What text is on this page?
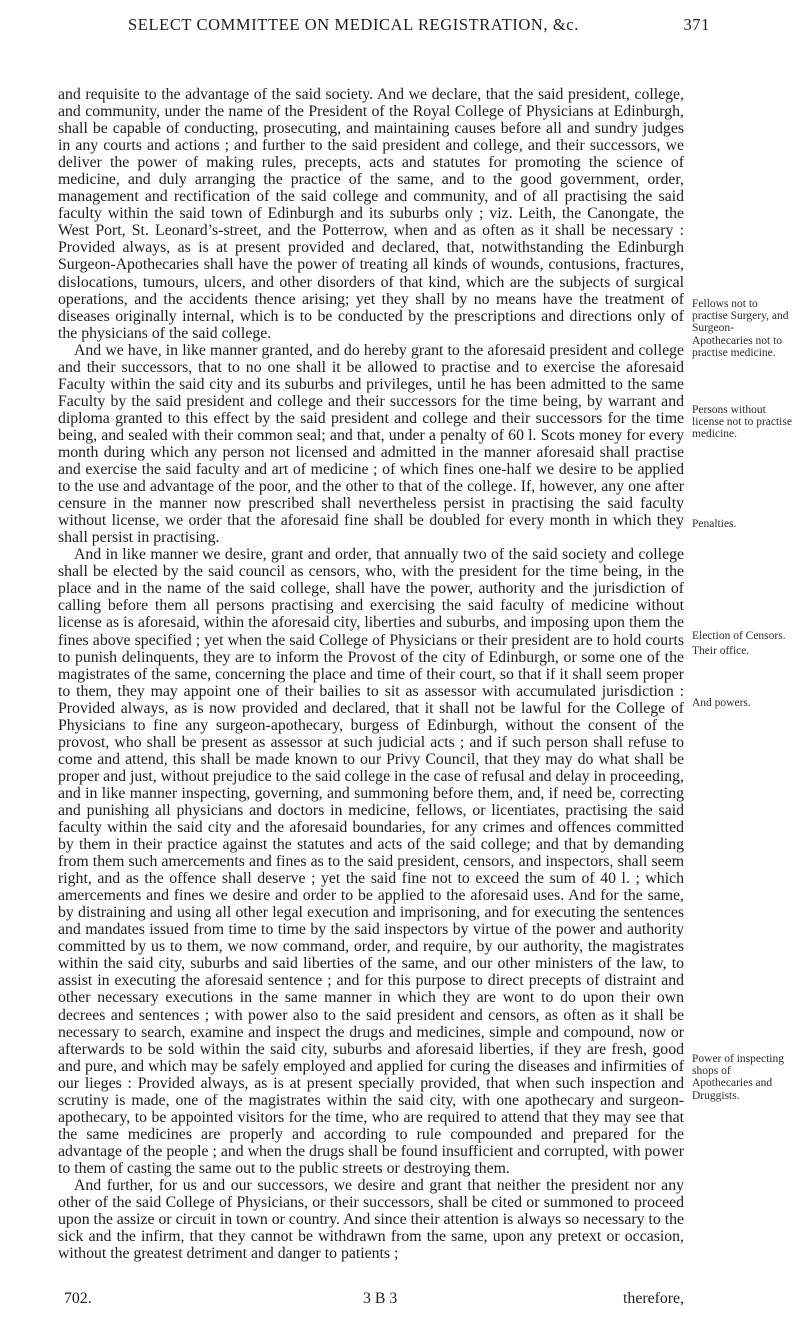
SELECT COMMITTEE ON MEDICAL REGISTRATION, &c.	371

and requisite to the advantage of the said society. And we declare, that the said president, college, and community, under the name of the President of the Royal College of Physicians at Edinburgh, shall be capable of conducting, prosecuting, and maintaining causes before all and sundry judges in any courts and actions ; and further to the said president and college, and their successors, we deliver the power of making rules, precepts, acts and statutes for promoting the science of medicine, and duly arranging the practice of the same, and to the good government, order, management and rectification of the said college and community, and of all practising the said faculty within the said town of Edinburgh and its suburbs only ; viz. Leith, the Canongate, the West Port, St. Leonard’s-street, and the Potterrow, when and as often as it shall be necessary : Provided always, as is at present provided and declared, that, notwithstanding the Edinburgh Surgeon-Apothecaries shall have the power of treating all kinds of wounds, contusions, fractures, dislocations, tumours, ulcers, and other disorders of that kind, which are the subjects of surgical operations, and the accidents thence arising; yet they shall by no means have the treatment of diseases originally internal, which is to be conducted by the prescriptions and directions only of the physicians of the said college.

And we have, in like manner granted, and do hereby grant to the aforesaid president and college and their successors, that to no one shall it be allowed to practise and to exercise the aforesaid Faculty within the said city and its suburbs and privileges, until he has been admitted to the same Faculty by the said president and college and their successors for the time being, by warrant and diploma granted to this effect by the said president and college and their successors for the time being, and sealed with their common seal; and that, under a penalty of 60 l. Scots money for every month during which any person not licensed and admitted in the manner aforesaid shall practise and exercise the said faculty and art of medicine ; of which fines one-half we desire to be applied to the use and advantage of the poor, and the other to that of the college. If, however, any one after censure in the manner now prescribed shall nevertheless persist in practising the said faculty without license, we order that the aforesaid fine shall be doubled for every month in which they shall persist in practising.

And in like manner we desire, grant and order, that annually two of the said society and college shall be elected by the said council as censors, who, with the president for the time being, in the place and in the name of the said college, shall have the power, authority and the jurisdiction of calling before them all persons practising and exercising the said faculty of medicine without license as is aforesaid, within the aforesaid city, liberties and suburbs, and imposing upon them the fines above specified ; yet when the said College of Physicians or their president are to hold courts to punish delinquents, they are to inform the Provost of the city of Edinburgh, or some one of the magistrates of the same, concerning the place and time of their court, so that if it shall seem proper to them, they may appoint one of their bailies to sit as assessor with accumulated jurisdiction : Provided always, as is now provided and declared, that it shall not be lawful for the College of Physicians to fine any surgeon-apothecary, burgess of Edinburgh, without the consent of the provost, who shall be present as assessor at such judicial acts ; and if such person shall refuse to come and attend, this shall be made known to our Privy Council, that they may do what shall be proper and just, without prejudice to the said college in the case of refusal and delay in proceeding, and in like manner inspecting, governing, and summoning before them, and, if need be, correcting and punishing all physicians and doctors in medicine, fellows, or licentiates, practising the said faculty within the said city and the aforesaid boundaries, for any crimes and offences committed by them in their practice against the statutes and acts of the said college; and that by demanding from them such amercements and fines as to the said president, censors, and inspectors, shall seem right, and as the offence shall deserve ; yet the said fine not to exceed the sum of 40 l. ; which amercements and fines we desire and order to be applied to the aforesaid uses. And for the same, by distraining and using all other legal execution and imprisoning, and for executing the sentences and mandates issued from time to time by the said inspectors by virtue of the power and authority committed by us to them, we now command, order, and require, by our authority, the magistrates within the said city, suburbs and said liberties of the same, and our other ministers of the law, to assist in executing the aforesaid sentence ; and for this purpose to direct precepts of distraint and other necessary executions in the same manner in which they are wont to do upon their own decrees and sentences ; with power also to the said president and censors, as often as it shall be necessary to search, examine and inspect the drugs and medicines, simple and compound, now or afterwards to be sold within the said city, suburbs and aforesaid liberties, if they are fresh, good and pure, and which may be safely employed and applied for curing the diseases and infirmities of our lieges : Provided always, as is at present specially provided, that when such inspection and scrutiny is made, one of the magistrates within the said city, with one apothecary and surgeon-apothecary, to be appointed visitors for the time, who are required to attend that they may see that the same medicines are properly and according to rule compounded and prepared for the advantage of the people ; and when the drugs shall be found insufficient and corrupted, with power to them of casting the same out to the public streets or destroying them.

And further, for us and our successors, we desire and grant that neither the president nor any other of the said College of Physicians, or their successors, shall be cited or summoned to proceed upon the assize or circuit in town or country. And since their attention is always so necessary to the sick and the infirm, that they cannot be withdrawn from the same, upon any pretext or occasion, without the greatest detriment and danger to patients ;

Fellows not to practise Surgery, and Surgeon-Apothecaries not to practise medicine.
Persons without license not to practise medicine.
Penalties.
Election of Censors.
Their office.
And powers.
Power of inspecting shops of Apothecaries and Druggists.
702.	3 B 3	therefore,
